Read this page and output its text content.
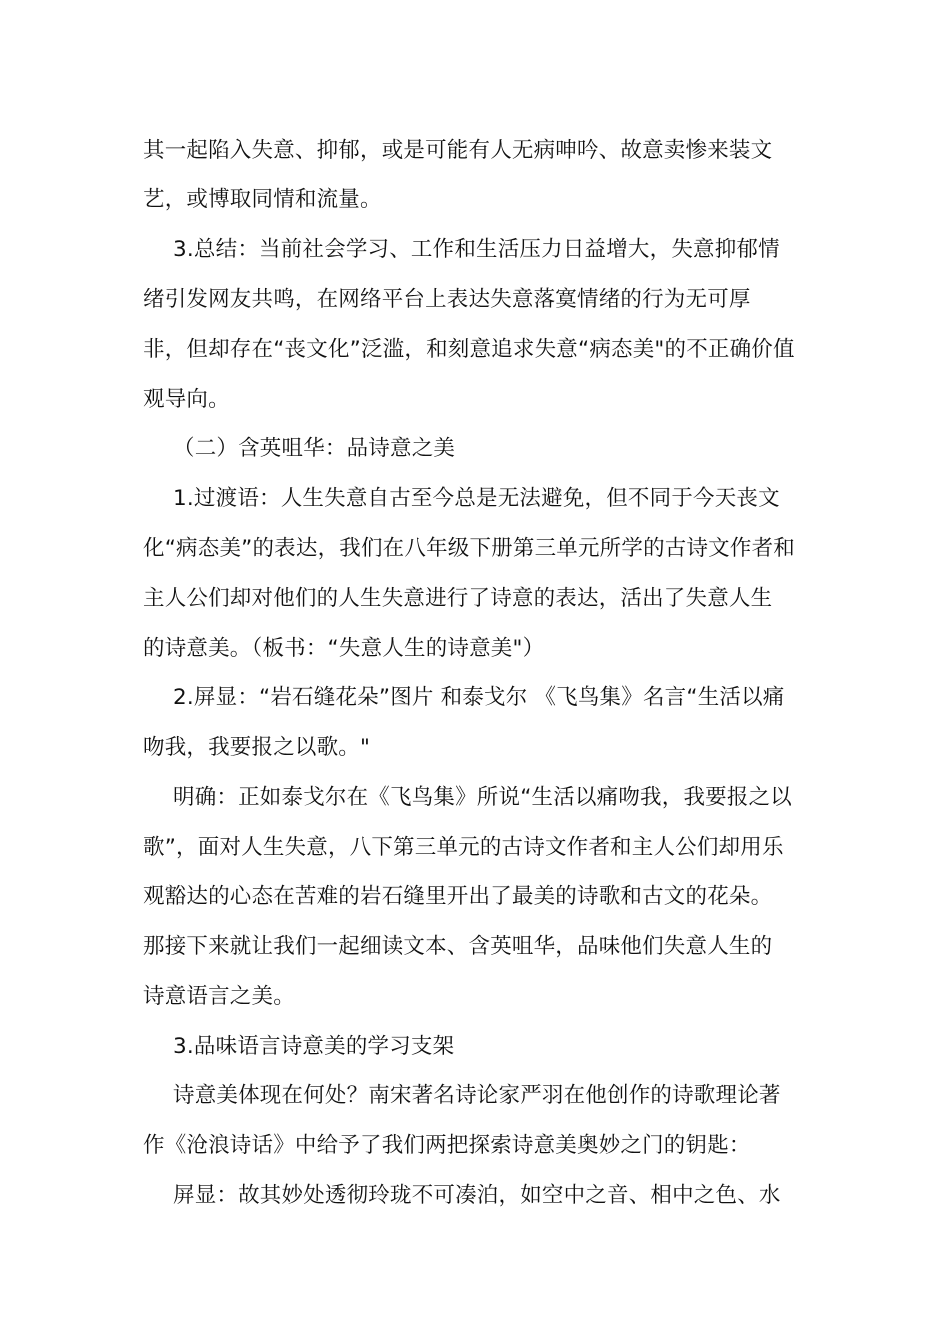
其一起陷入失意、抑郁，或是可能有人无病呻吟、故意卖惨来装文
艺，或博取同情和流量。
3.总结：当前社会学习、工作和生活压力日益增大，失意抑郁情
绪引发网友共鸣，在网络平台上表达失意落寞情绪的行为无可厚
非，但却存在“丧文化”泛滥，和刻意追求失意“病态美"的不正确价值
观导向。
（二）含英咀华：品诗意之美
1.过渡语：人生失意自古至今总是无法避免，但不同于今天丧文
化“病态美”的表达，我们在八年级下册第三单元所学的古诗文作者和
主人公们却对他们的人生失意进行了诗意的表达，活出了失意人生
的诗意美。（板书：“失意人生的诗意美"）
2.屏显：“岩石缝花朵”图片 和泰戈尔 《飞鸟集》名言“生活以痛
吻我，我要报之以歌。"
明确：正如泰戈尔在《飞鸟集》所说“生活以痛吻我，我要报之以
歌”，面对人生失意，八下第三单元的古诗文作者和主人公们却用乐
观豁达的心态在苦难的岩石缝里开出了最美的诗歌和古文的花朵。
那接下来就让我们一起细读文本、含英咀华，品味他们失意人生的
诗意语言之美。
3.品味语言诗意美的学习支架
诗意美体现在何处？南宋著名诗论家严羽在他创作的诗歌理论著
作《沧浪诗话》中给予了我们两把探索诗意美奥妙之门的钥匙：
屏显：故其妙处透彻玲珑不可凑泊，如空中之音、相中之色、水
